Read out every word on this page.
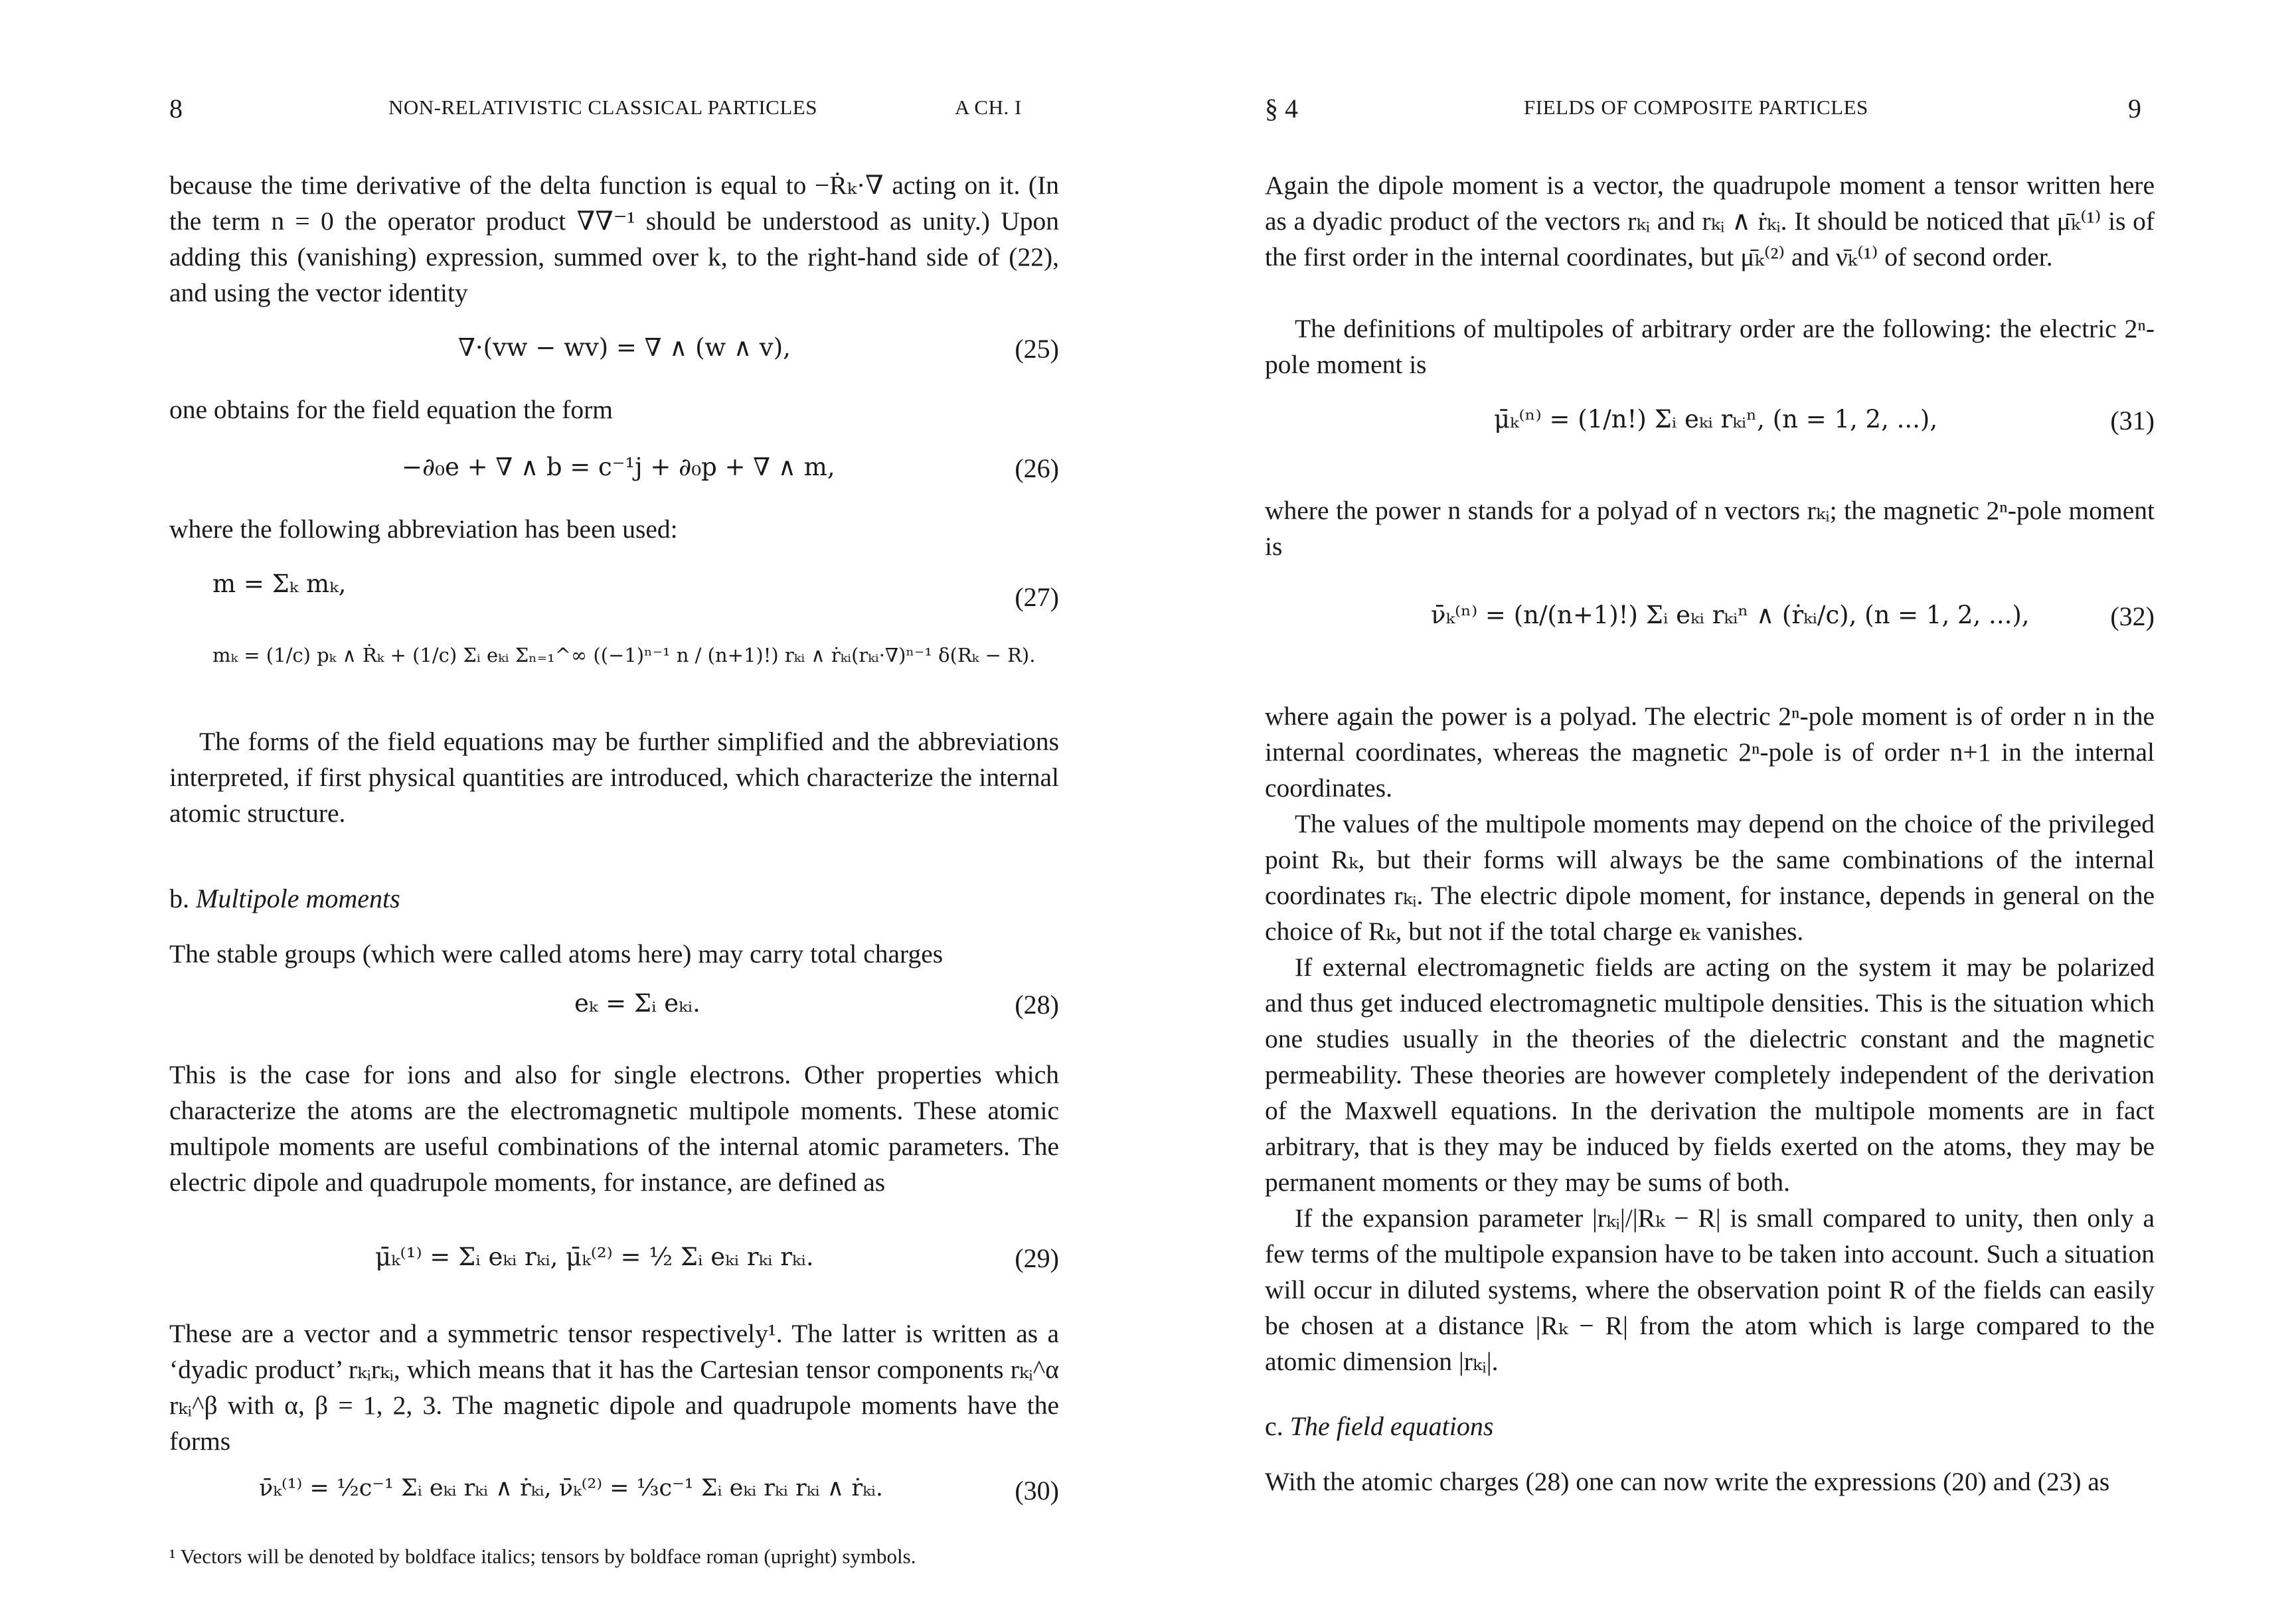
8	NON-RELATIVISTIC CLASSICAL PARTICLES	A CH. I

because the time derivative of the delta function is equal to −Ṙₖ·∇ acting on it. (In the term n = 0 the operator product ∇∇⁻¹ should be understood as unity.) Upon adding this (vanishing) expression, summed over k, to the right-hand side of (22), and using the vector identity

∇·(vw − wv) = ∇ ∧ (w ∧ v),	(25)

one obtains for the field equation the form

−∂₀e + ∇ ∧ b = c⁻¹j + ∂₀p + ∇ ∧ m,	(26)

where the following abbreviation has been used:

m = Σₖ mₖ,	(27)
mₖ = (1/c) pₖ ∧ Ṙₖ + (1/c) Σᵢ eₖᵢ Σₙ₌₁^∞ ((−1)ⁿ⁻¹ n / (n+1)!) rₖᵢ ∧ ṙₖᵢ(rₖᵢ·∇)ⁿ⁻¹ δ(Rₖ − R).

The forms of the field equations may be further simplified and the abbreviations interpreted, if first physical quantities are introduced, which characterize the internal atomic structure.

b. Multipole moments

The stable groups (which were called atoms here) may carry total charges

eₖ = Σᵢ eₖᵢ.	(28)

This is the case for ions and also for single electrons. Other properties which characterize the atoms are the electromagnetic multipole moments. These atomic multipole moments are useful combinations of the internal atomic parameters. The electric dipole and quadrupole moments, for instance, are defined as

μ̄ₖ⁽¹⁾ = Σᵢ eₖᵢ rₖᵢ, μ̄ₖ⁽²⁾ = ½ Σᵢ eₖᵢ rₖᵢ rₖᵢ.	(29)

These are a vector and a symmetric tensor respectively¹. The latter is written as a ‘dyadic product’ rₖᵢrₖᵢ, which means that it has the Cartesian tensor components rₖᵢ^α rₖᵢ^β with α, β = 1, 2, 3. The magnetic dipole and quadrupole moments have the forms

ν̄ₖ⁽¹⁾ = ½c⁻¹ Σᵢ eₖᵢ rₖᵢ ∧ ṙₖᵢ, ν̄ₖ⁽²⁾ = ⅓c⁻¹ Σᵢ eₖᵢ rₖᵢ rₖᵢ ∧ ṙₖᵢ.	(30)
¹ Vectors will be denoted by boldface italics; tensors by boldface roman (upright) symbols.
§ 4	FIELDS OF COMPOSITE PARTICLES	9

Again the dipole moment is a vector, the quadrupole moment a tensor written here as a dyadic product of the vectors rₖᵢ and rₖᵢ ∧ ṙₖᵢ. It should be noticed that μ̄ₖ⁽¹⁾ is of the first order in the internal coordinates, but μ̄ₖ⁽²⁾ and ν̄ₖ⁽¹⁾ of second order.

The definitions of multipoles of arbitrary order are the following: the electric 2ⁿ-pole moment is

μ̄ₖ⁽ⁿ⁾ = (1/n!) Σᵢ eₖᵢ rₖᵢⁿ, (n = 1, 2, ...),	(31)

where the power n stands for a polyad of n vectors rₖᵢ; the magnetic 2ⁿ-pole moment is

ν̄ₖ⁽ⁿ⁾ = (n/(n+1)!) Σᵢ eₖᵢ rₖᵢⁿ ∧ (ṙₖᵢ/c), (n = 1, 2, ...),	(32)

where again the power is a polyad. The electric 2ⁿ-pole moment is of order n in the internal coordinates, whereas the magnetic 2ⁿ-pole is of order n+1 in the internal coordinates.

The values of the multipole moments may depend on the choice of the privileged point Rₖ, but their forms will always be the same combinations of the internal coordinates rₖᵢ. The electric dipole moment, for instance, depends in general on the choice of Rₖ, but not if the total charge eₖ vanishes.

If external electromagnetic fields are acting on the system it may be polarized and thus get induced electromagnetic multipole densities. This is the situation which one studies usually in the theories of the dielectric constant and the magnetic permeability. These theories are however completely independent of the derivation of the Maxwell equations. In the derivation the multipole moments are in fact arbitrary, that is they may be induced by fields exerted on the atoms, they may be permanent moments or they may be sums of both.

If the expansion parameter |rₖᵢ|/|Rₖ − R| is small compared to unity, then only a few terms of the multipole expansion have to be taken into account. Such a situation will occur in diluted systems, where the observation point R of the fields can easily be chosen at a distance |Rₖ − R| from the atom which is large compared to the atomic dimension |rₖᵢ|.

c. The field equations

With the atomic charges (28) one can now write the expressions (20) and (23) as
